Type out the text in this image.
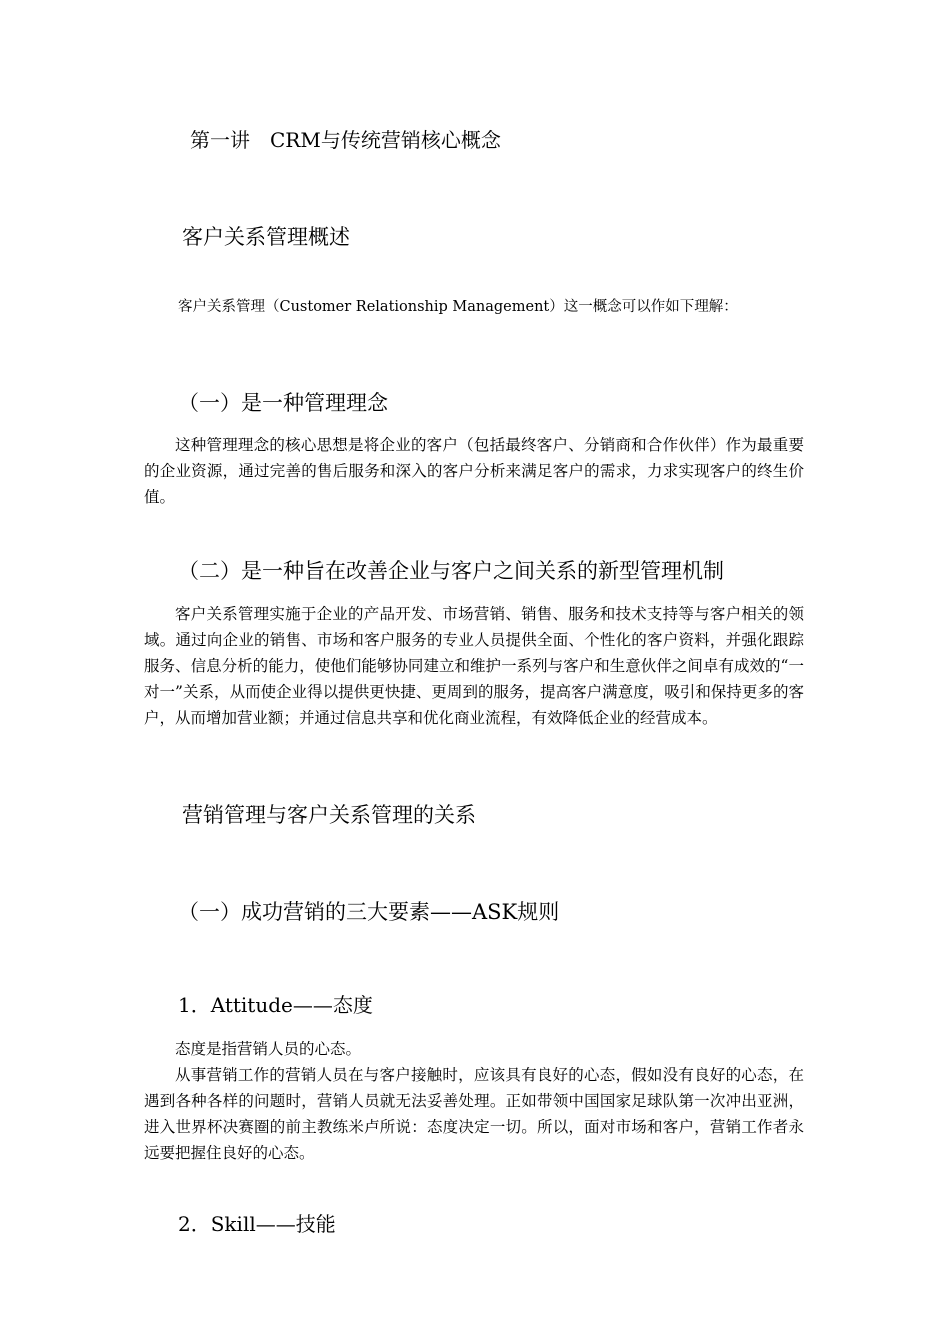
第一讲　CRM与传统营销核心概念
客户关系管理概述

客户关系管理（Customer Relationship Management）这一概念可以作如下理解：

（一）是一种管理理念

这种管理理念的核心思想是将企业的客户（包括最终客户、分销商和合作伙伴）作为最重要的企业资源，通过完善的售后服务和深入的客户分析来满足客户的需求，力求实现客户的终生价值。

（二）是一种旨在改善企业与客户之间关系的新型管理机制

客户关系管理实施于企业的产品开发、市场营销、销售、服务和技术支持等与客户相关的领域。通过向企业的销售、市场和客户服务的专业人员提供全面、个性化的客户资料，并强化跟踪服务、信息分析的能力，使他们能够协同建立和维护一系列与客户和生意伙伴之间卓有成效的“一对一”关系，从而使企业得以提供更快捷、更周到的服务，提高客户满意度，吸引和保持更多的客户，从而增加营业额；并通过信息共享和优化商业流程，有效降低企业的经营成本。

营销管理与客户关系管理的关系
（一）成功营销的三大要素——ASK规则
1．Attitude——态度

态度是指营销人员的心态。

从事营销工作的营销人员在与客户接触时，应该具有良好的心态，假如没有良好的心态，在遇到各种各样的问题时，营销人员就无法妥善处理。正如带领中国国家足球队第一次冲出亚洲，进入世界杯决赛圈的前主教练米卢所说：态度决定一切。所以，面对市场和客户，营销工作者永远要把握住良好的心态。

2．Skill——技能
